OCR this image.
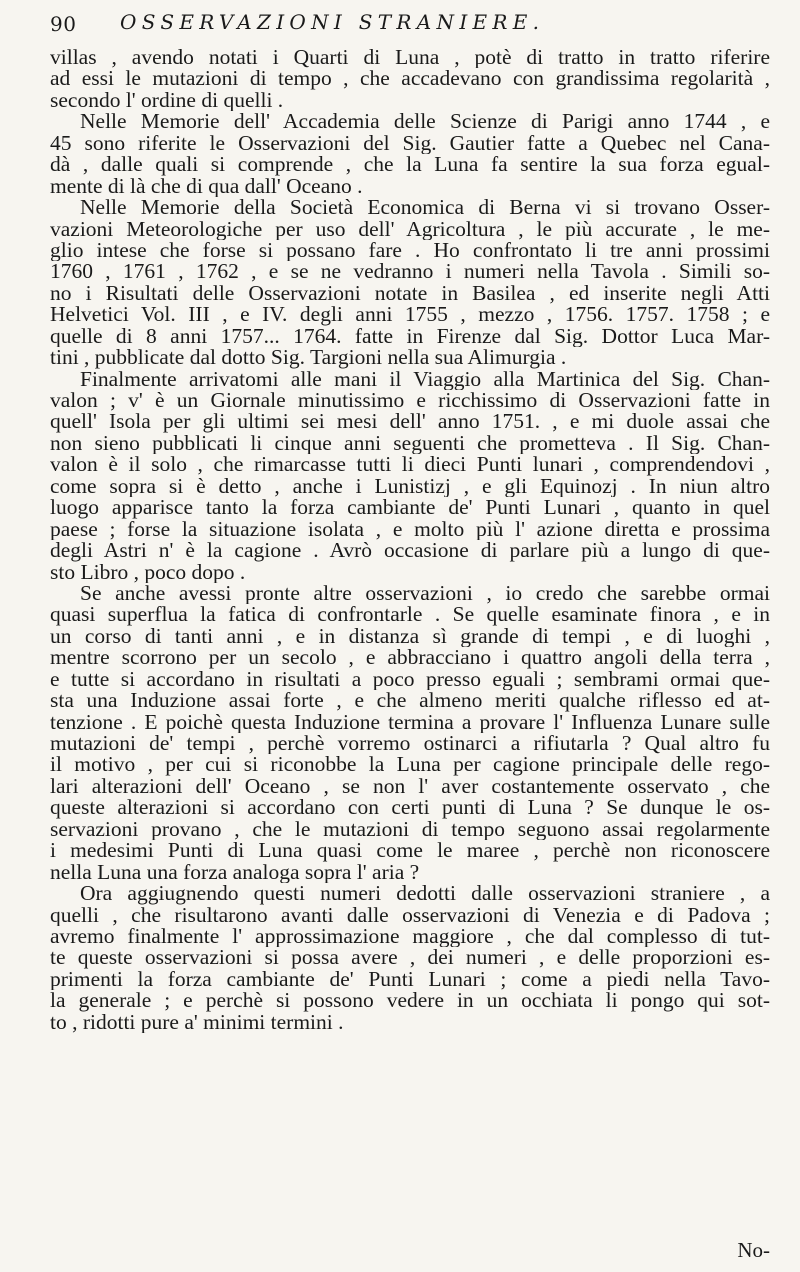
90 OSSERVAZIONI STRANIERE.
villas , avendo notati i Quarti di Luna , potè di tratto in tratto riferire
ad essi le mutazioni di tempo , che accadevano con grandissima regolarità ,
secondo l' ordine di quelli .
Nelle Memorie dell' Accademia delle Scienze di Parigi anno 1744 , e
45 sono riferite le Osservazioni del Sig. Gautier fatte a Quebec nel Cana-
dà , dalle quali si comprende , che la Luna fa sentire la sua forza egual-
mente di là che di qua dall' Oceano .
Nelle Memorie della Società Economica di Berna vi si trovano Osser-
vazioni Meteorologiche per uso dell' Agricoltura , le più accurate , le me-
glio intese che forse si possano fare . Ho confrontato li tre anni prossimi
1760 , 1761 , 1762 , e se ne vedranno i numeri nella Tavola . Simili so-
no i Risultati delle Osservazioni notate in Basilea , ed inserite negli Atti
Helvetici Vol. III , e IV. degli anni 1755 , mezzo , 1756. 1757. 1758 ; e
quelle di 8 anni 1757... 1764. fatte in Firenze dal Sig. Dottor Luca Mar-
tini , pubblicate dal dotto Sig. Targioni nella sua Alimurgia .
Finalmente arrivatomi alle mani il Viaggio alla Martinica del Sig. Chan-
valon ; v' è un Giornale minutissimo e ricchissimo di Osservazioni fatte in
quell' Isola per gli ultimi sei mesi dell' anno 1751. , e mi duole assai che
non sieno pubblicati li cinque anni seguenti che prometteva . Il Sig. Chan-
valon è il solo , che rimarcasse tutti li dieci Punti lunari , comprendendovi ,
come sopra si è detto , anche i Lunistizj , e gli Equinozj . In niun altro
luogo apparisce tanto la forza cambiante de' Punti Lunari , quanto in quel
paese ; forse la situazione isolata , e molto più l' azione diretta e prossima
degli Astri n' è la cagione . Avrò occasione di parlare più a lungo di que-
sto Libro , poco dopo .
Se anche avessi pronte altre osservazioni , io credo che sarebbe ormai
quasi superflua la fatica di confrontarle . Se quelle esaminate finora , e in
un corso di tanti anni , e in distanza sì grande di tempi , e di luoghi ,
mentre scorrono per un secolo , e abbracciano i quattro angoli della terra ,
e tutte si accordano in risultati a poco presso eguali ; sembrami ormai que-
sta una Induzione assai forte , e che almeno meriti qualche riflesso ed at-
tenzione . E poichè questa Induzione termina a provare l' Influenza Lunare sulle
mutazioni de' tempi , perchè vorremo ostinarci a rifiutarla ? Qual altro fu
il motivo , per cui si riconobbe la Luna per cagione principale delle rego-
lari alterazioni dell' Oceano , se non l' aver costantemente osservato , che
queste alterazioni si accordano con certi punti di Luna ? Se dunque le os-
servazioni provano , che le mutazioni di tempo seguono assai regolarmente
i medesimi Punti di Luna quasi come le maree , perchè non riconoscere
nella Luna una forza analoga sopra l' aria ?
Ora aggiugnendo questi numeri dedotti dalle osservazioni straniere , a
quelli , che risultarono avanti dalle osservazioni di Venezia e di Padova ;
avremo finalmente l' approssimazione maggiore , che dal complesso di tut-
te queste osservazioni si possa avere , dei numeri , e delle proporzioni es-
primenti la forza cambiante de' Punti Lunari ; come a piedi nella Tavo-
la generale ; e perchè si possono vedere in un occhiata li pongo qui sot-
to , ridotti pure a' minimi termini .
No-
